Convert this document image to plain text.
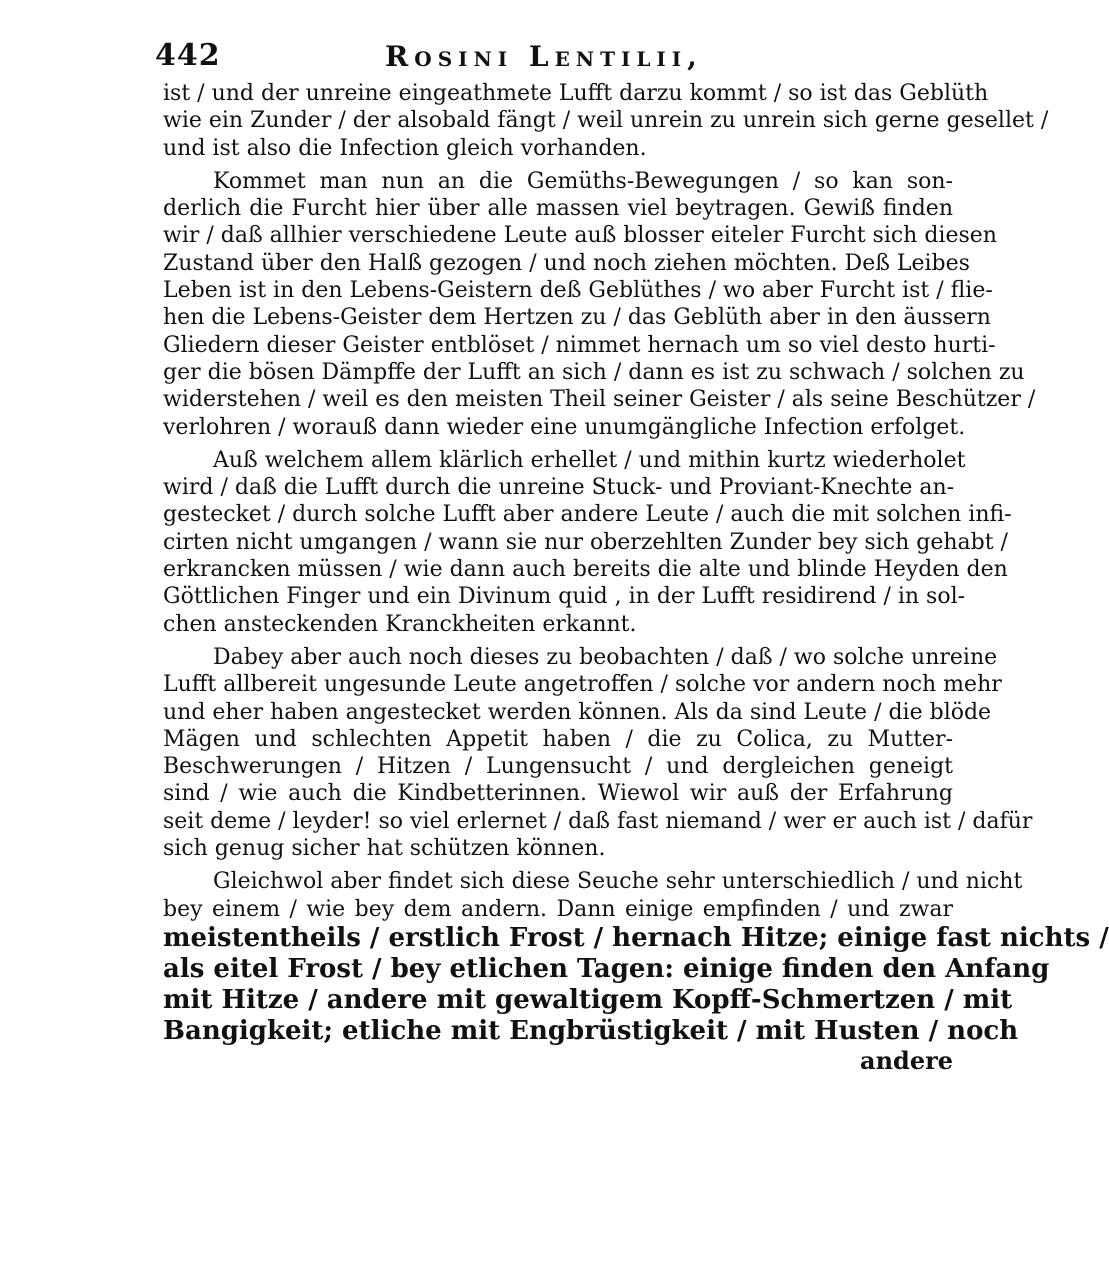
442	Rosini Lentilii,
ist / und der unreine eingeathmete Lufft darzu kommt / so ist das Geblüth
wie ein Zunder / der alsobald fängt / weil unrein zu unrein sich gerne gesellet /
und ist also die Infection gleich vorhanden.
Kommet man nun an die Gemüths-Bewegungen / so kan son-
derlich die Furcht hier über alle massen viel beytragen. Gewiß finden
wir / daß allhier verschiedene Leute auß blosser eiteler Furcht sich diesen
Zustand über den Halß gezogen / und noch ziehen möchten. Deß Leibes
Leben ist in den Lebens-Geistern deß Geblüthes / wo aber Furcht ist / flie-
hen die Lebens-Geister dem Hertzen zu / das Geblüth aber in den äussern
Gliedern dieser Geister entblöset / nimmet hernach um so viel desto hurti-
ger die bösen Dämpffe der Lufft an sich / dann es ist zu schwach / solchen zu
widerstehen / weil es den meisten Theil seiner Geister / als seine Beschützer /
verlohren / worauß dann wieder eine unumgängliche Infection erfolget.
Auß welchem allem klärlich erhellet / und mithin kurtz wiederholet
wird / daß die Lufft durch die unreine Stuck- und Proviant-Knechte an-
gestecket / durch solche Lufft aber andere Leute / auch die mit solchen infi-
cirten nicht umgangen / wann sie nur oberzehlten Zunder bey sich gehabt /
erkrancken müssen / wie dann auch bereits die alte und blinde Heyden den
Göttlichen Finger und ein Divinum quid , in der Lufft residirend / in sol-
chen ansteckenden Kranckheiten erkannt.
Dabey aber auch noch dieses zu beobachten / daß / wo solche unreine
Lufft allbereit ungesunde Leute angetroffen / solche vor andern noch mehr
und eher haben angestecket werden können. Als da sind Leute / die blöde
Mägen und schlechten Appetit haben / die zu Colica, zu Mutter-
Beschwerungen / Hitzen / Lungensucht / und dergleichen geneigt
sind / wie auch die Kindbetterinnen. Wiewol wir auß der Erfahrung
seit deme / leyder! so viel erlernet / daß fast niemand / wer er auch ist / dafür
sich genug sicher hat schützen können.
Gleichwol aber findet sich diese Seuche sehr unterschiedlich / und nicht
bey einem / wie bey dem andern. Dann einige empfinden / und zwar
meistentheils / erstlich Frost / hernach Hitze; einige fast nichts /
als eitel Frost / bey etlichen Tagen: einige finden den Anfang
mit Hitze / andere mit gewaltigem Kopff-Schmertzen / mit
Bangigkeit; etliche mit Engbrüstigkeit / mit Husten / noch
andere
